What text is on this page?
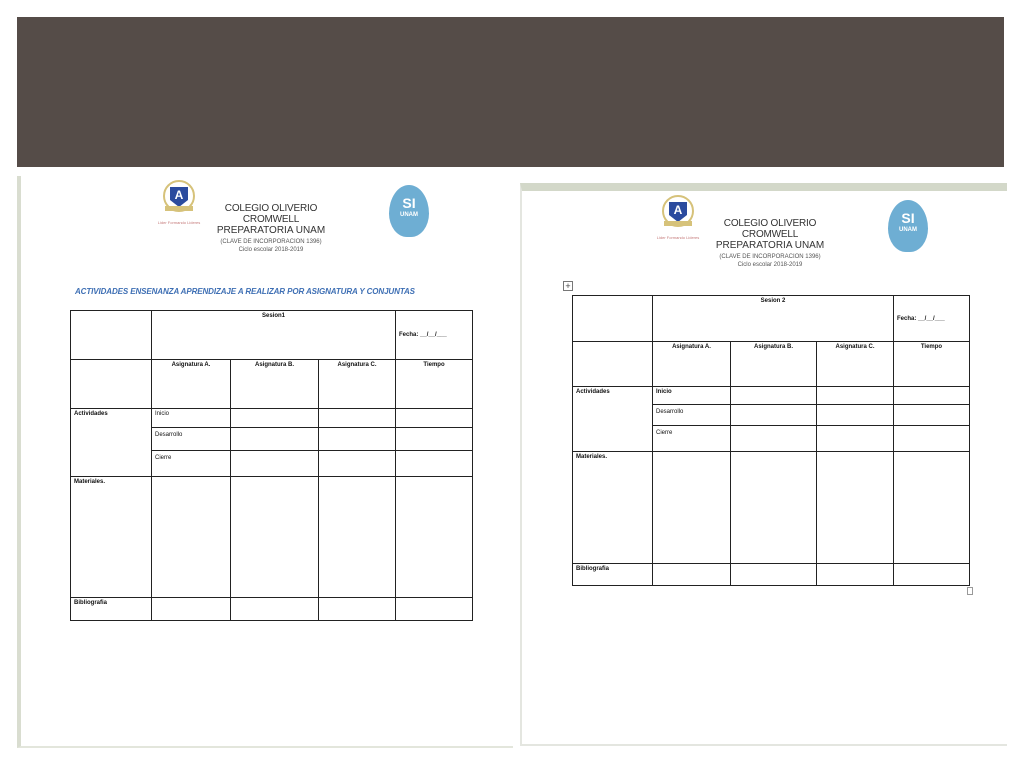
A
Lider Formando Lideres
COLEGIO OLIVERIO CROMWELL
PREPARATORIA UNAM
(CLAVE DE INCORPORACION 1396)
Ciclo escolar 2018-2019
SI
UNAM
ACTIVIDADES ENSENANZA APRENDIZAJE A REALIZAR POR ASIGNATURA Y CONJUNTAS
	Sesion1			Fecha: __/__/___
	Asignatura A.	Asignatura B.	Asignatura C.	Tiempo
Actividades	Inicio			
	Desarrollo			
	Cierre			
Materiales.				
Bibliografia				
A
Lider Formando Lideres
COLEGIO OLIVERIO CROMWELL
PREPARATORIA UNAM
(CLAVE DE INCORPORACION 1396)
Ciclo escolar 2018-2019
SI
UNAM
+
	Sesion 2			Fecha: __/__/___
	Asignatura A.	Asignatura B.	Asignatura C.	Tiempo
Actividades	Inicio			
	Desarrollo			
	Cierre			
Materiales.				
Bibliografia				
